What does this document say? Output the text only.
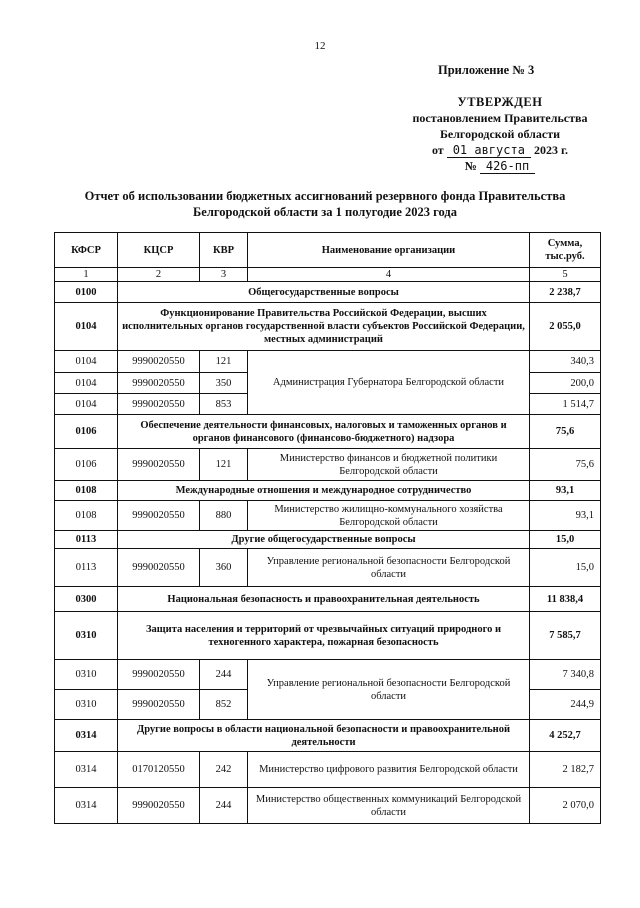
12
Приложение № 3
УТВЕРЖДЕН
постановлением Правительства
Белгородской области
от 01 августа 2023 г.
№ 426-пп
Отчет об использовании бюджетных ассигнований резервного фонда Правительства
Белгородской области за 1 полугодие 2023 года
КФСР	КЦСР	КВР	Наименование организации	Сумма, тыс.руб.
1	2	3	4	5
0100	Общегосударственные вопросы			2 238,7
0104	Функционирование Правительства Российской Федерации, высших исполнительных органов государственной власти субъектов Российской Федерации, местных администраций			2 055,0
0104	9990020550	121	Администрация Губернатора Белгородской области	340,3
0104	9990020550	350		200,0
0104	9990020550	853		1 514,7
0106	Обеспечение деятельности финансовых, налоговых и таможенных органов и органов финансового (финансово-бюджетного) надзора			75,6
0106	9990020550	121	Министерство финансов и бюджетной политики Белгородской области	75,6
0108	Международные отношения и международное сотрудничество			93,1
0108	9990020550	880	Министерство жилищно-коммунального хозяйства Белгородской области	93,1
0113	Другие общегосударственные вопросы			15,0
0113	9990020550	360	Управление региональной безопасности Белгородской области	15,0
0300	Национальная безопасность и правоохранительная деятельность			11 838,4
0310	Защита населения и территорий от чрезвычайных ситуаций природного и техногенного характера, пожарная безопасность			7 585,7
0310	9990020550	244	Управление региональной безопасности Белгородской области	7 340,8
0310	9990020550	852		244,9
0314	Другие вопросы в области национальной безопасности и правоохранительной деятельности			4 252,7
0314	0170120550	242	Министерство цифрового развития Белгородской области	2 182,7
0314	9990020550	244	Министерство общественных коммуникаций Белгородской области	2 070,0
